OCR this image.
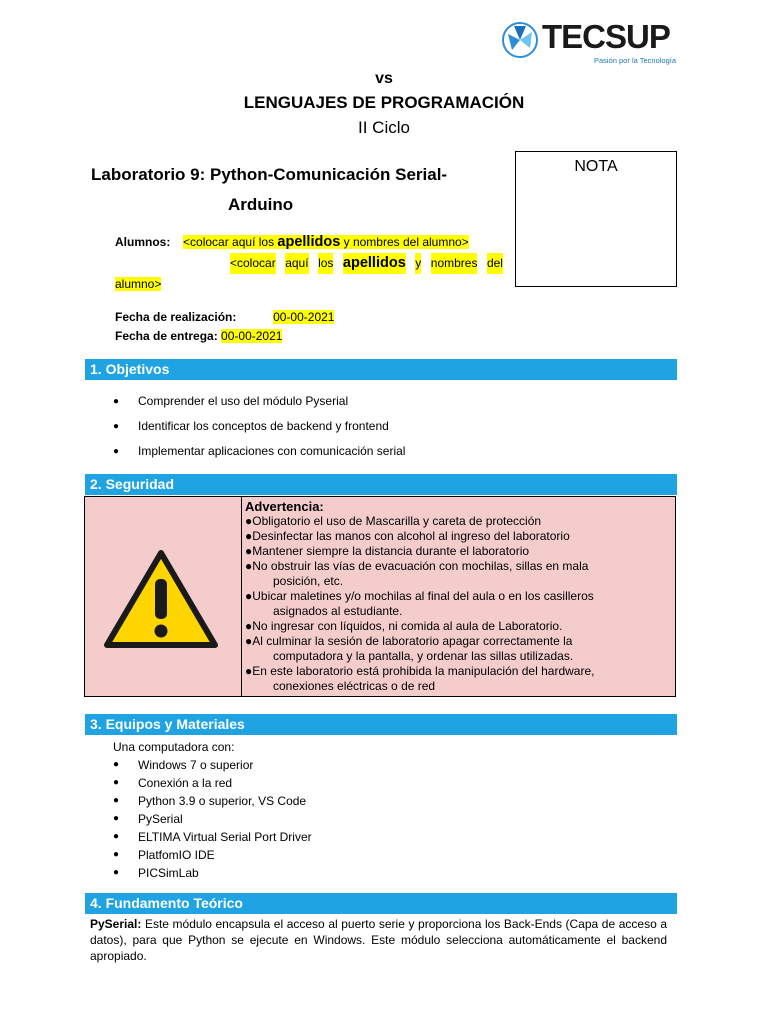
TECSUP
Pasión por la Tecnología
vs
LENGUAJES DE PROGRAMACIÓN
II Ciclo
Laboratorio 9: Python-Comunicación Serial-
Arduino
NOTA
Alumnos: <colocar aquí los apellidos y nombres del alumno>
<colocar aquí los apellidos y nombres del
alumno>
Fecha de realización:	00-00-2021
Fecha de entrega: 00-00-2021
1. Objetivos
●	Comprender el uso del módulo Pyserial
●	Identificar los conceptos de backend y frontend
●	Implementar aplicaciones con comunicación serial
2. Seguridad
Advertencia:
●Obligatorio el uso de Mascarilla y careta de protección
●Desinfectar las manos con alcohol al ingreso del laboratorio
●Mantener siempre la distancia durante el laboratorio
●No obstruir las vías de evacuación con mochilas, sillas en mala
posición, etc.
●Ubicar maletines y/o mochilas al final del aula o en los casilleros
asignados al estudiante.
●No ingresar con líquidos, ni comida al aula de Laboratorio.
●Al culminar la sesión de laboratorio apagar correctamente la
computadora y la pantalla, y ordenar las sillas utilizadas.
●En este laboratorio está prohibida la manipulación del hardware,
conexiones eléctricas o de red
3. Equipos y Materiales
Una computadora con:
●	Windows 7 o superior
●	Conexión a la red
●	Python 3.9 o superior, VS Code
●	PySerial
●	ELTIMA Virtual Serial Port Driver
●	PlatfomIO IDE
●	PICSimLab
4. Fundamento Teórico
PySerial: Este módulo encapsula el acceso al puerto serie y proporciona los Back-Ends (Capa de acceso a datos), para que Python se ejecute en Windows. Este módulo selecciona automáticamente el backend apropiado.
